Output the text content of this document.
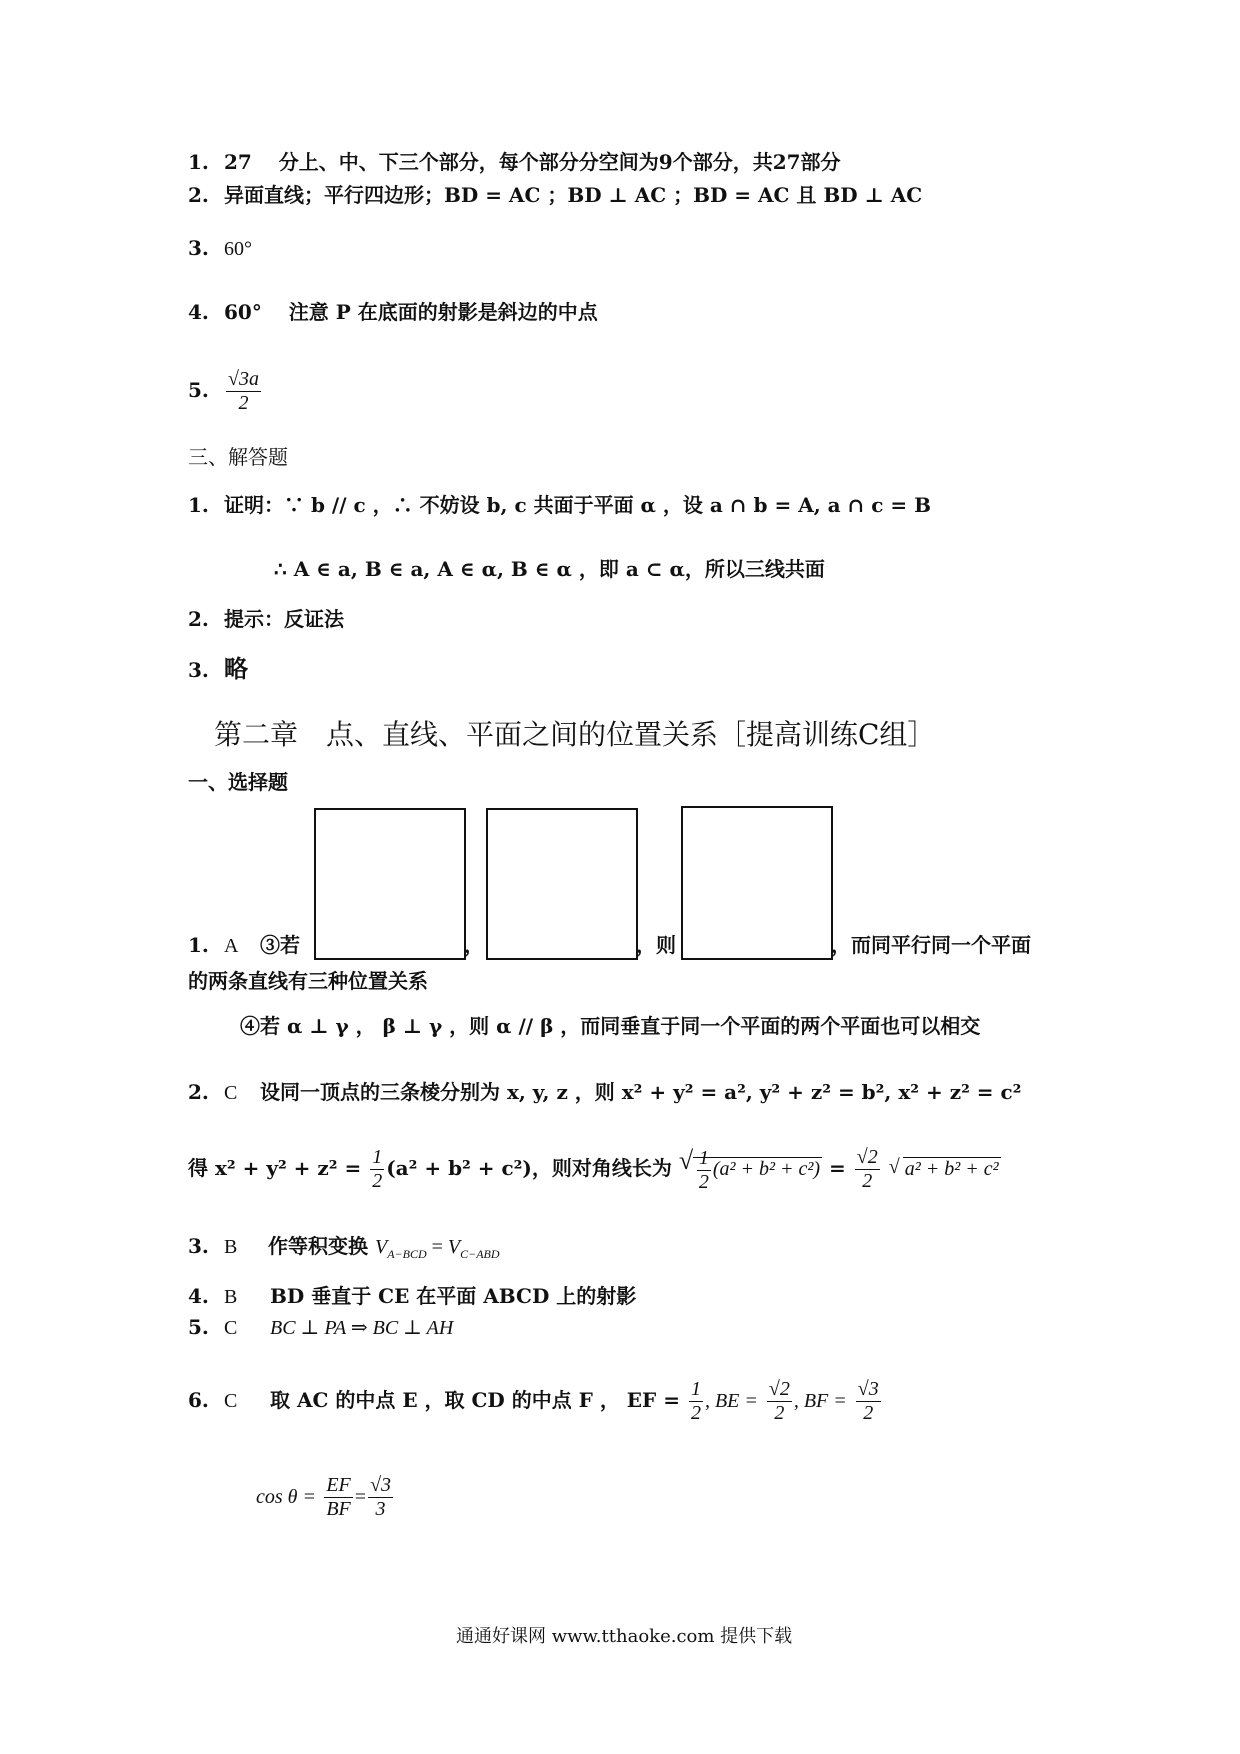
1. 27　 分上、中、下三个部分，每个部分分空间为9个部分，共27部分
2. 异面直线；平行四边形；BD = AC ；BD ⊥ AC ；BD = AC 且 BD ⊥ AC
3. 60°
4. 60°　 注意 P 在底面的射影是斜边的中点
5. $\frac{√3a}{2}$
三、解答题
1. 证明：∵ b // c ，∴ 不妨设 b, c 共面于平面 α ，设 a ∩ b = A, a ∩ c = B
∴ A ∈ a, B ∈ a, A ∈ α, B ∈ α ，即 a ⊂ α，所以三线共面
2. 提示：反证法
3. 略
第二章　点、直线、平面之间的位置关系［提高训练C组］
一、选择题
1. A ③若	，	，则	，而同平行同一个平面
的两条直线有三种位置关系
④若 α ⊥ γ ， β ⊥ γ ，则 α // β ，而同垂直于同一个平面的两个平面也可以相交
2. C 设同一顶点的三条棱分别为 x, y, z ，则 x² + y² = a², y² + z² = b², x² + z² = c²
得 $x^2 + y^2 + z^2 = \frac{1}{2} (a^2 + b^2 + c^2)$，则对角线长为 √ $\frac{1}{2} (a^2 + b^2 + c^2) = \frac{√2}{2}$ √ a² + b² + c²
3. B 作等积变换 $V_{A-BCD} = V_{C-ABD}$
4. B BD 垂直于 CE 在平面 ABCD 上的射影
5. C BC ⊥ PA ⇒ BC ⊥ AH
6. C 取 AC 的中点 E ，取 CD 的中点 F ， EF = $\frac{1}{2}$ , BE = $\frac{√2}{2}$ , BF = $\frac{√3}{2}$
$\cos \theta = \frac{EF}{BF} = \frac{√3}{3}$
通通好课网 www.tthaoke.com 提供下载
